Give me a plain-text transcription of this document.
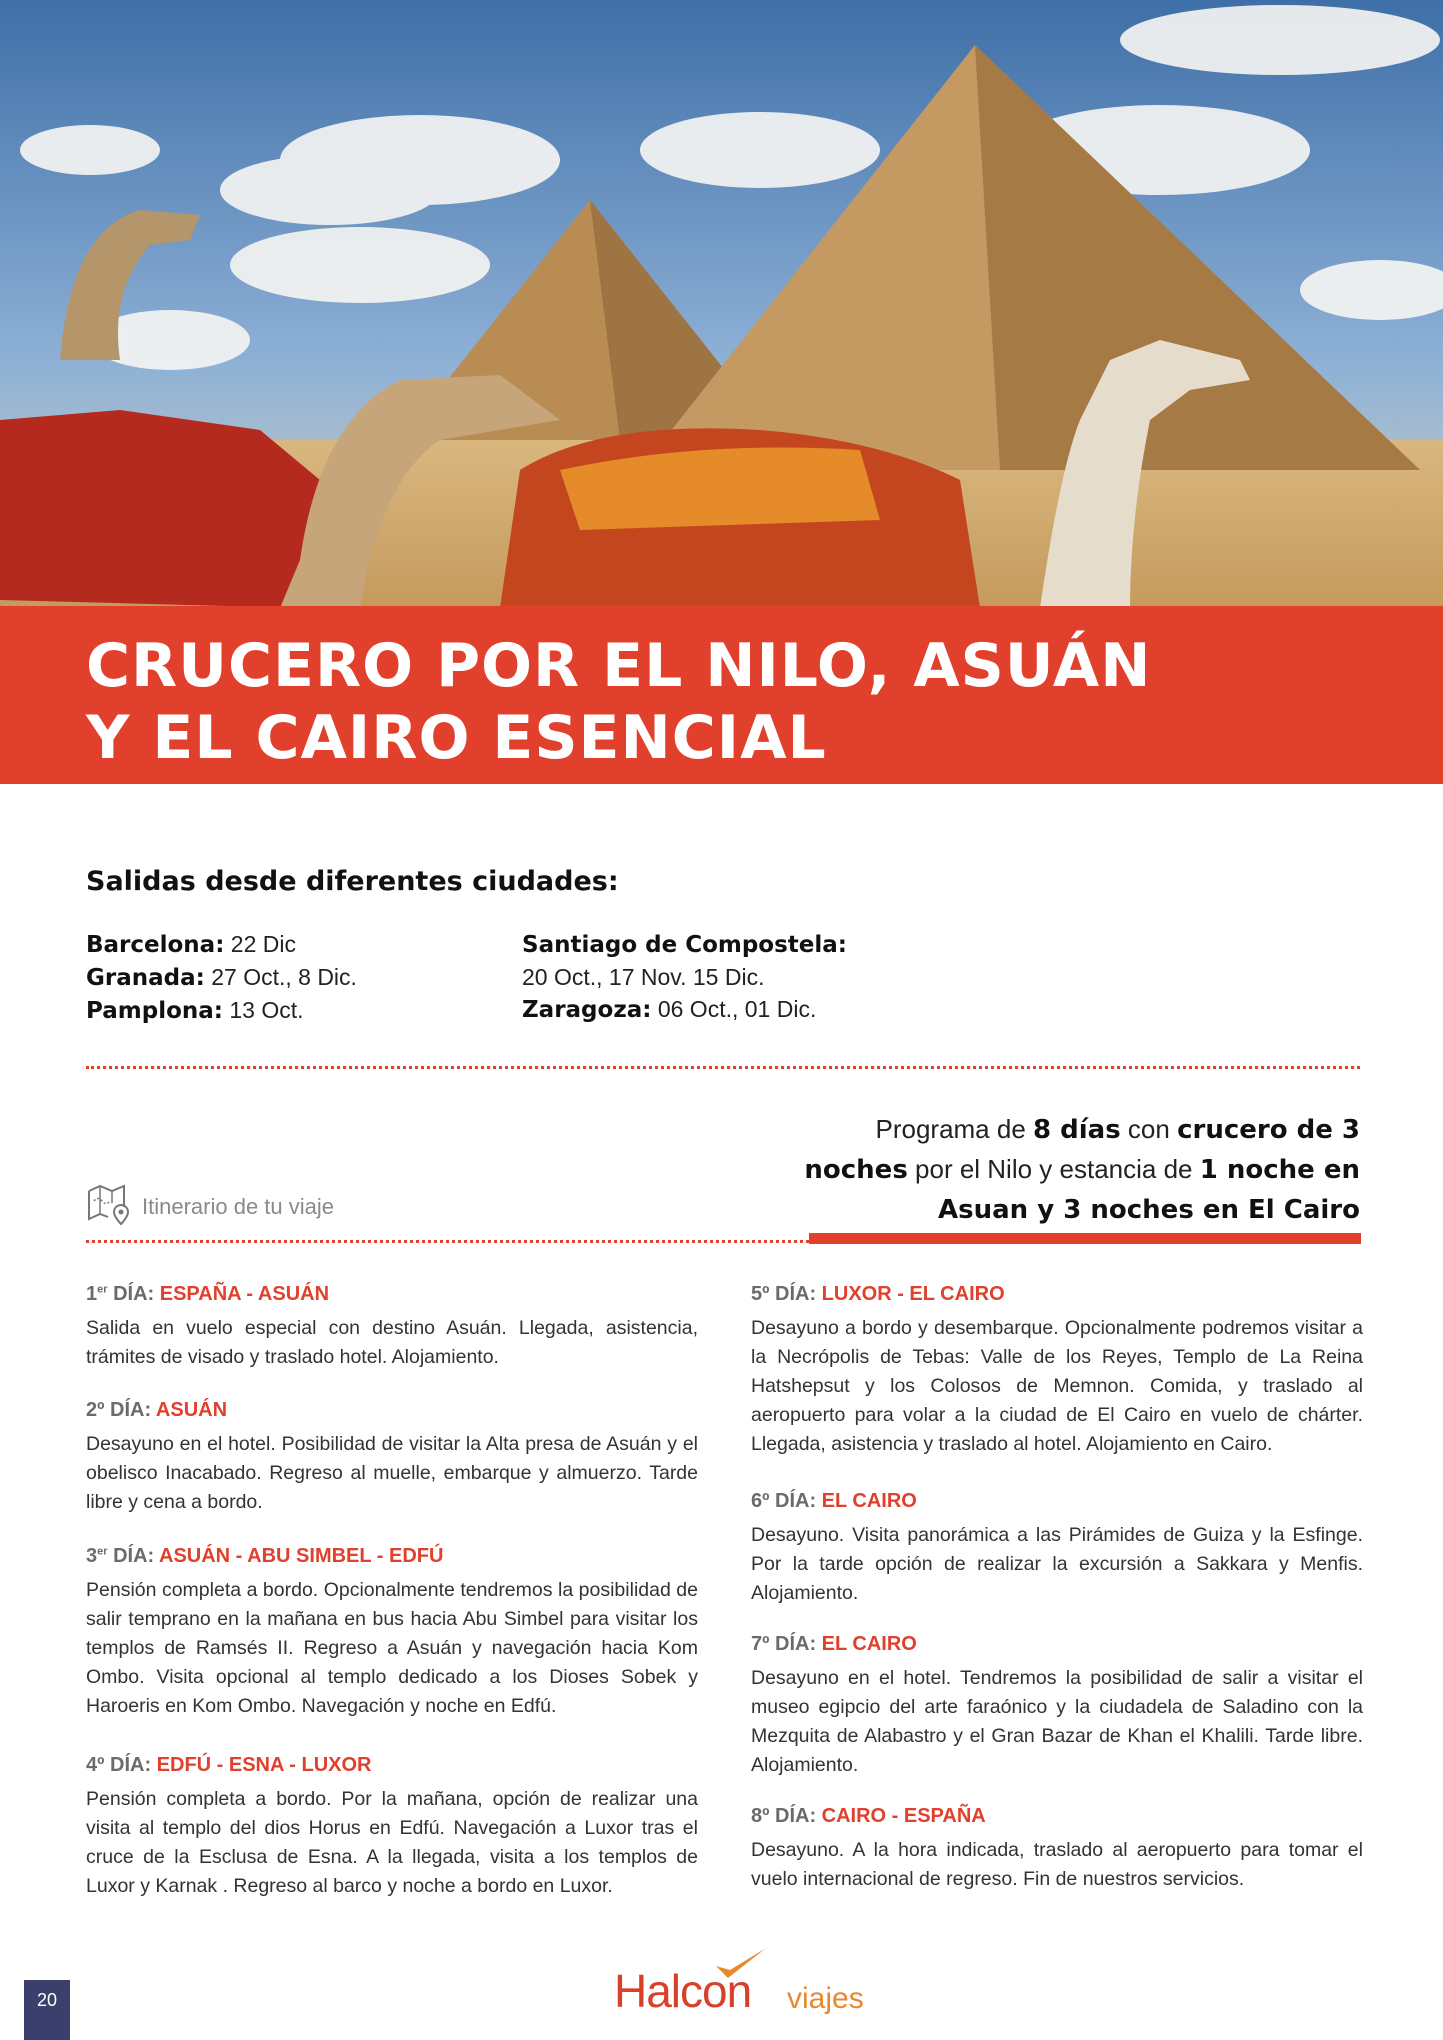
CRUCERO POR EL NILO, ASUÁN
Y EL CAIRO ESENCIAL
Salidas desde diferentes ciudades:
Barcelona: 22 Dic
Granada: 27 Oct., 8 Dic.
Pamplona: 13 Oct.
Santiago de Compostela:
20 Oct., 17 Nov. 15 Dic.
Zaragoza: 06 Oct., 01 Dic.
Programa de 8 días con crucero de 3 noches por el Nilo y estancia de 1 noche en Asuan y 3 noches en El Cairo
Itinerario de tu viaje
1er DÍA: ESPAÑA - ASUÁN

Salida en vuelo especial con destino Asuán. Llegada, asistencia, trámites de visado y traslado hotel. Alojamiento.

2º DÍA: ASUÁN

Desayuno en el hotel. Posibilidad de visitar la Alta presa de Asuán y el obelisco Inacabado. Regreso al muelle, embarque y almuerzo. Tarde libre y cena a bordo.

3er DÍA: ASUÁN - ABU SIMBEL - EDFÚ

Pensión completa a bordo. Opcionalmente tendremos la posibilidad de salir temprano en la mañana en bus hacia Abu Simbel para visitar los templos de Ramsés II. Regreso a Asuán y navegación hacia Kom Ombo. Visita opcional al templo dedicado a los Dioses Sobek y Haroeris en Kom Ombo. Navegación y noche en Edfú.

4º DÍA: EDFÚ - ESNA - LUXOR

Pensión completa a bordo. Por la mañana, opción de realizar una visita al templo del dios Horus en Edfú. Navegación a Luxor tras el cruce de la Esclusa de Esna. A la llegada, visita a los templos de Luxor y Karnak . Regreso al barco y noche a bordo en Luxor.

5º DÍA: LUXOR - EL CAIRO

Desayuno a bordo y desembarque. Opcionalmente podremos visitar a la Necrópolis de Tebas: Valle de los Reyes, Templo de La Reina Hatshepsut y los Colosos de Memnon. Comida, y traslado al aeropuerto para volar a la ciudad de El Cairo en vuelo de chárter. Llegada, asistencia y traslado al hotel. Alojamiento en Cairo.

6º DÍA: EL CAIRO

Desayuno. Visita panorámica a las Pirámides de Guiza y la Esfinge. Por la tarde opción de realizar la excursión a Sakkara y Menfis. Alojamiento.

7º DÍA: EL CAIRO

Desayuno en el hotel. Tendremos la posibilidad de salir a visitar el museo egipcio del arte faraónico y la ciudadela de Saladino con la Mezquita de Alabastro y el Gran Bazar de Khan el Khalili. Tarde libre. Alojamiento.

8º DÍA: CAIRO - ESPAÑA

Desayuno. A la hora indicada, traslado al aeropuerto para tomar el vuelo internacional de regreso. Fin de nuestros servicios.

20	Halcon viajes
